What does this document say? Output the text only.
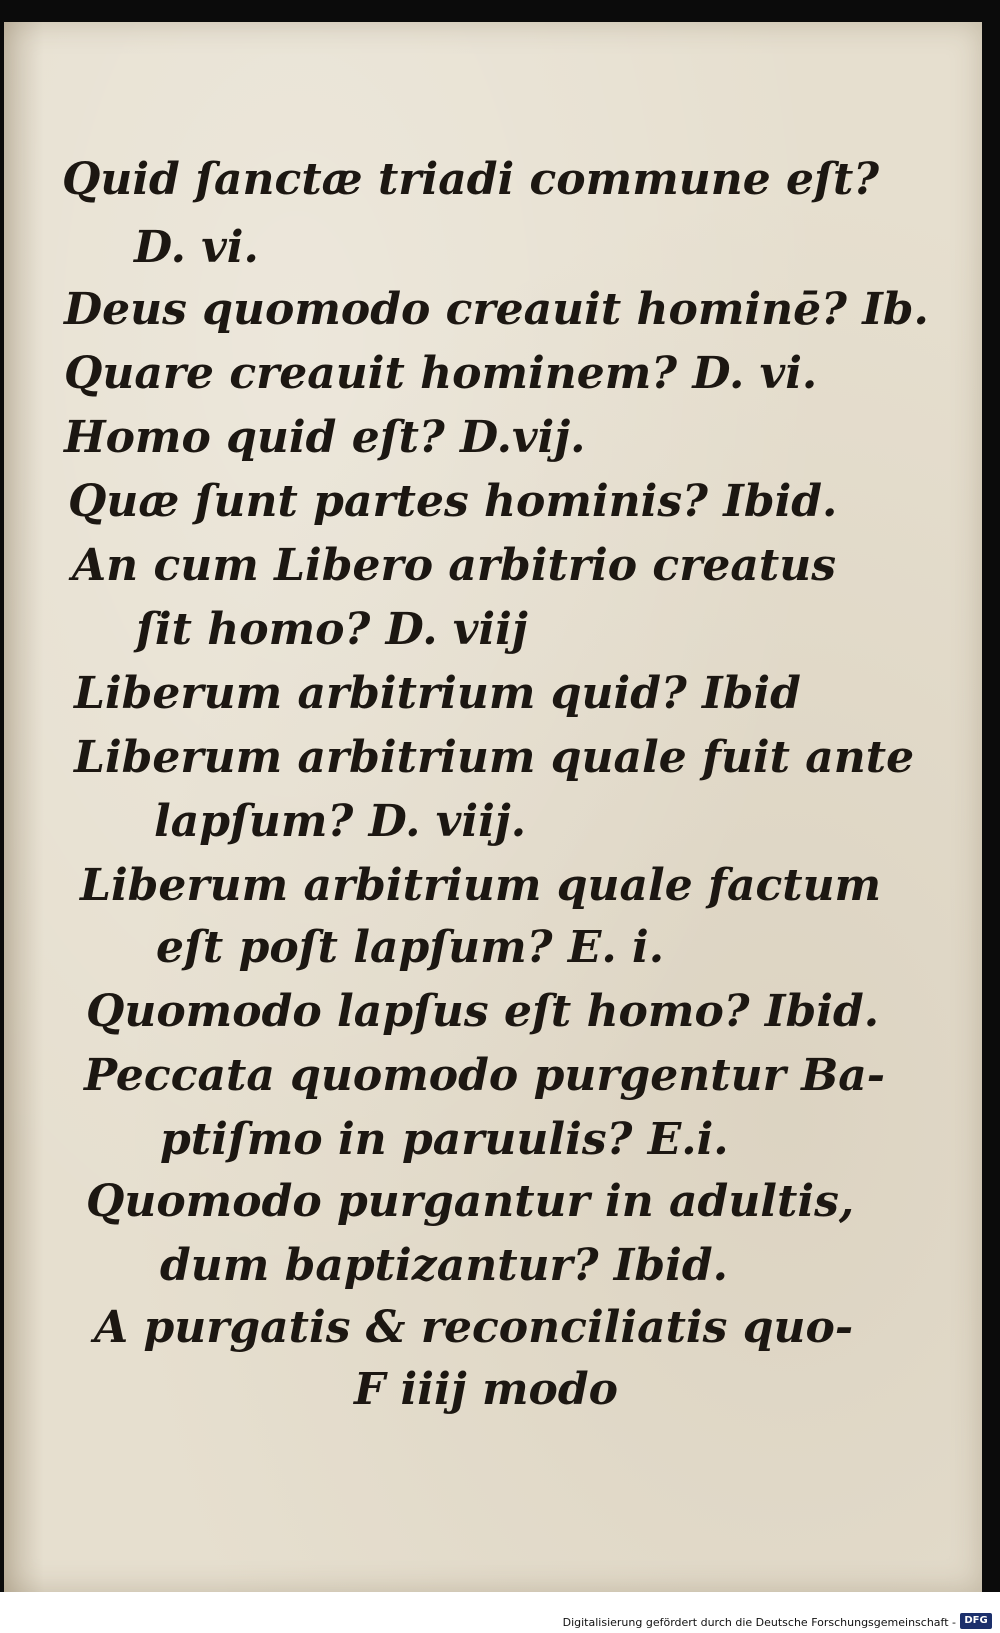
Quid ſanctæ triadi commune eſt?
D. vi.
Deus quomodo creauit hominē? Ib.
Quare creauit hominem? D. vi.
Homo quid eſt? D.vij.
Quæ ſunt partes hominis? Ibid.
An cum Libero arbitrio creatus
ſit homo? D. viij
Liberum arbitrium quid? Ibid
Liberum arbitrium quale fuit ante
lapſum? D. viij.
Liberum arbitrium quale factum
eſt poſt lapſum? E. i.
Quomodo lapſus eſt homo? Ibid.
Peccata quomodo purgentur Ba-
ptiſmo in paruulis? E.i.
Quomodo purgantur in adultis,
dum baptizantur? Ibid.
A purgatis & reconciliatis quo-
F iiij modo
Digitalisierung gefördert durch die Deutsche Forschungsgemeinschaft - DFG
